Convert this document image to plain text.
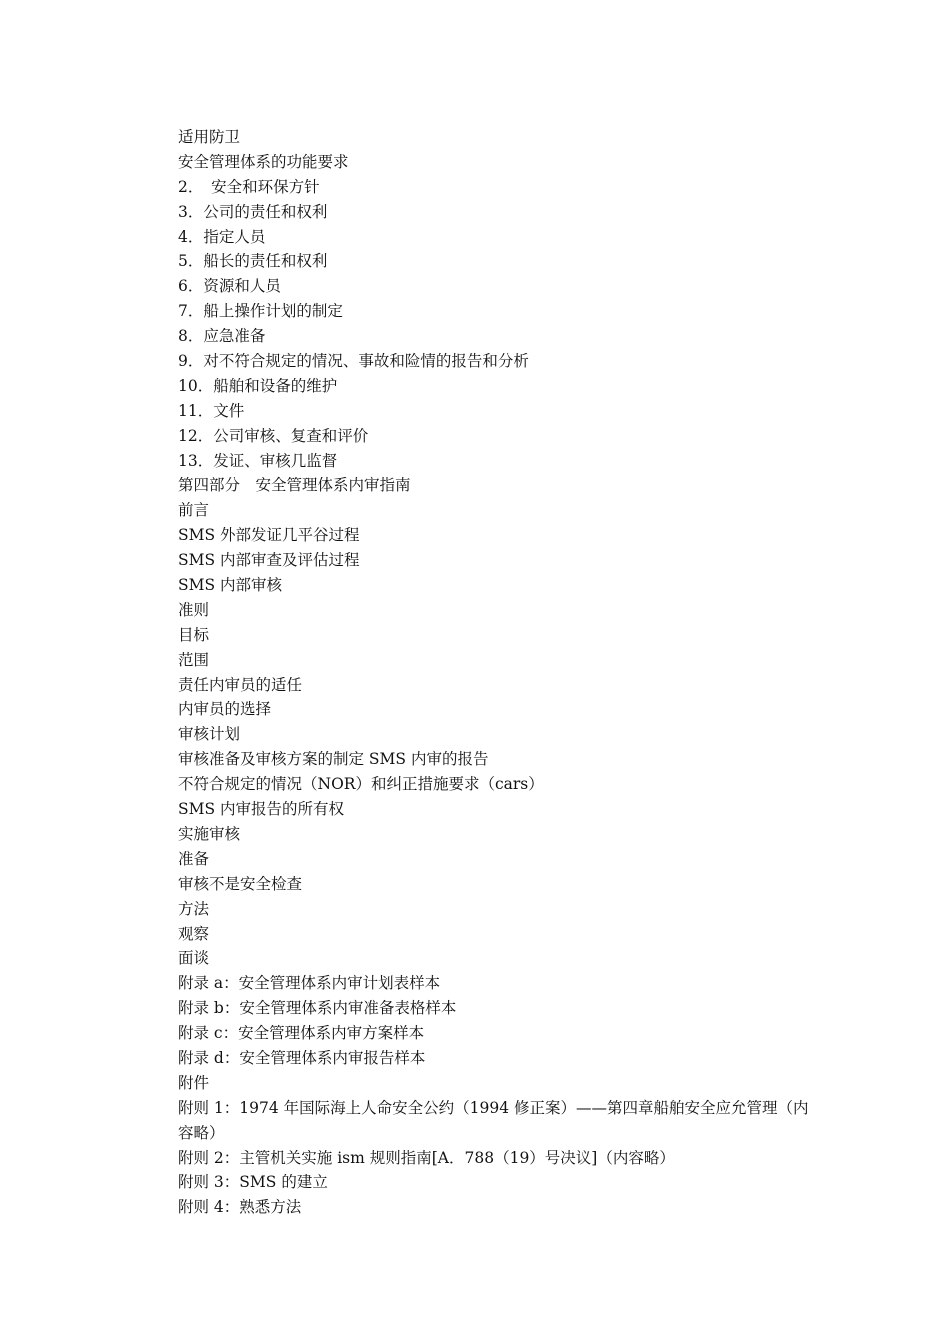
适用防卫
安全管理体系的功能要求
2．　安全和环保方针
3．公司的责任和权利
4．指定人员
5．船长的责任和权利
6．资源和人员
7．船上操作计划的制定
8．应急准备
9．对不符合规定的情况、事故和险情的报告和分析
10．船舶和设备的维护
11．文件
12．公司审核、复查和评价
13．发证、审核几监督
第四部分　安全管理体系内审指南
前言
SMS 外部发证几平谷过程
SMS 内部审查及评估过程
SMS 内部审核
准则
目标
范围
责任内审员的适任
内审员的选择
审核计划
审核准备及审核方案的制定 SMS 内审的报告
不符合规定的情况（NOR）和纠正措施要求（cars）
SMS 内审报告的所有权
实施审核
准备
审核不是安全检查
方法
观察
面谈
附录 a：安全管理体系内审计划表样本
附录 b：安全管理体系内审准备表格样本
附录 c：安全管理体系内审方案样本
附录 d：安全管理体系内审报告样本
附件
附则 1：1974 年国际海上人命安全公约（1994 修正案）——第四章船舶安全应允管理（内容略）
附则 2：主管机关实施 ism 规则指南[A．788（19）号决议]（内容略）
附则 3：SMS 的建立
附则 4：熟悉方法
